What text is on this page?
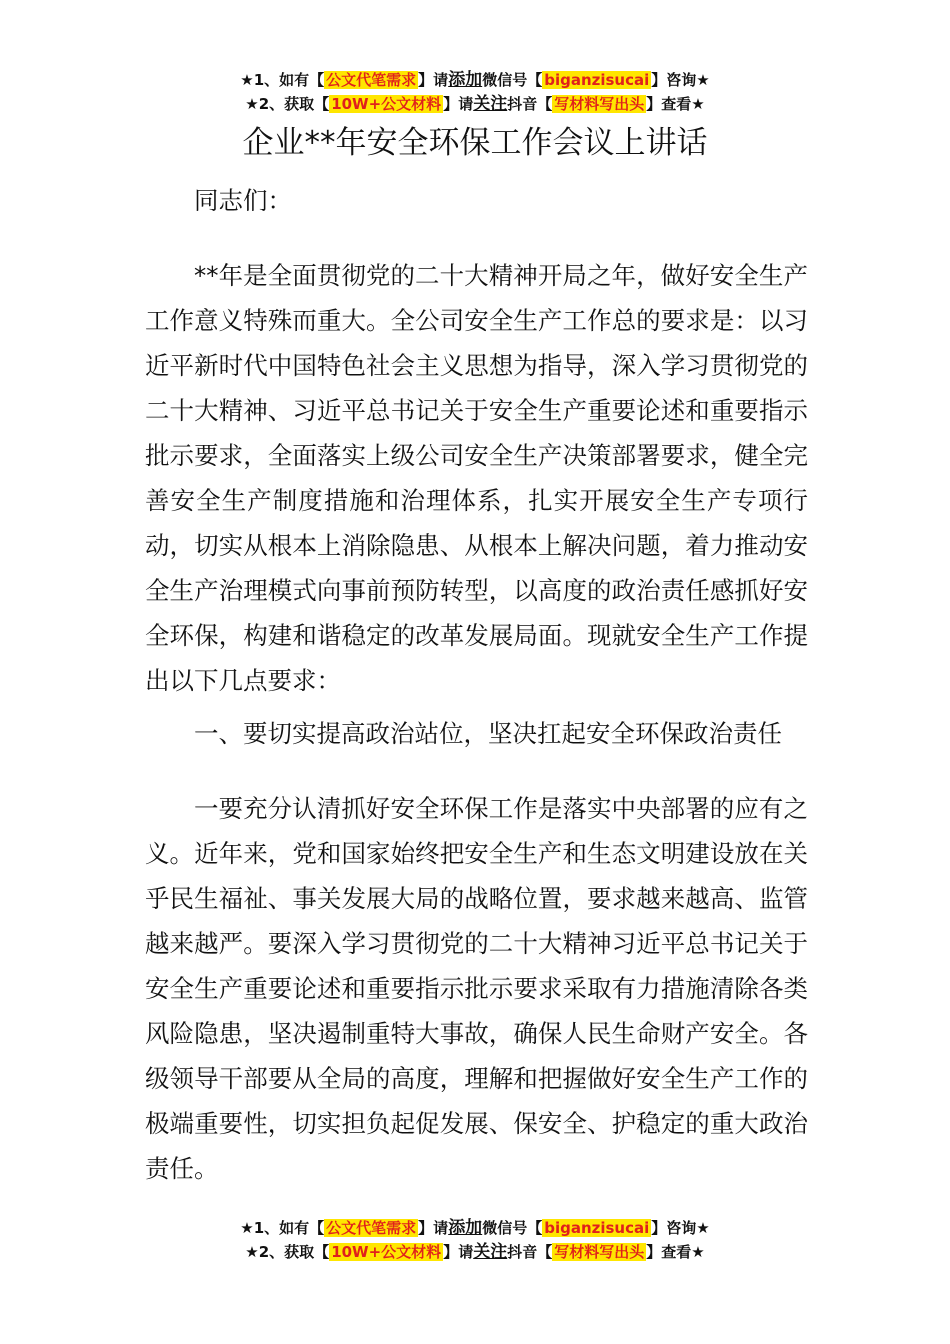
★1、如有【 公文代笔需求 】请添加微信号【 biganzisucai 】咨询★
★2、获取【 10W+公文材料 】请关注抖音【 写材料写出头 】查看★
企业**年安全环保工作会议上讲话

同志们：

**年是全面贯彻党的二十大精神开局之年，做好安全生产工作意义特殊而重大。全公司安全生产工作总的要求是：以习近平新时代中国特色社会主义思想为指导，深入学习贯彻党的二十大精神、习近平总书记关于安全生产重要论述和重要指示批示要求，全面落实上级公司安全生产决策部署要求，健全完善安全生产制度措施和治理体系，扎实开展安全生产专项行动，切实从根本上消除隐患、从根本上解决问题，着力推动安全生产治理模式向事前预防转型，以高度的政治责任感抓好安全环保，构建和谐稳定的改革发展局面。现就安全生产工作提出以下几点要求：

一、要切实提高政治站位，坚决扛起安全环保政治责任

一要充分认清抓好安全环保工作是落实中央部署的应有之义。近年来，党和国家始终把安全生产和生态文明建设放在关乎民生福祉、事关发展大局的战略位置，要求越来越高、监管越来越严。要深入学习贯彻党的二十大精神习近平总书记关于安全生产重要论述和重要指示批示要求采取有力措施清除各类风险隐患，坚决遏制重特大事故，确保人民生命财产安全。各级领导干部要从全局的高度，理解和把握做好安全生产工作的极端重要性，切实担负起促发展、保安全、护稳定的重大政治责任。

★1、如有【 公文代笔需求 】请添加微信号【 biganzisucai 】咨询★
★2、获取【 10W+公文材料 】请关注抖音【 写材料写出头 】查看★
